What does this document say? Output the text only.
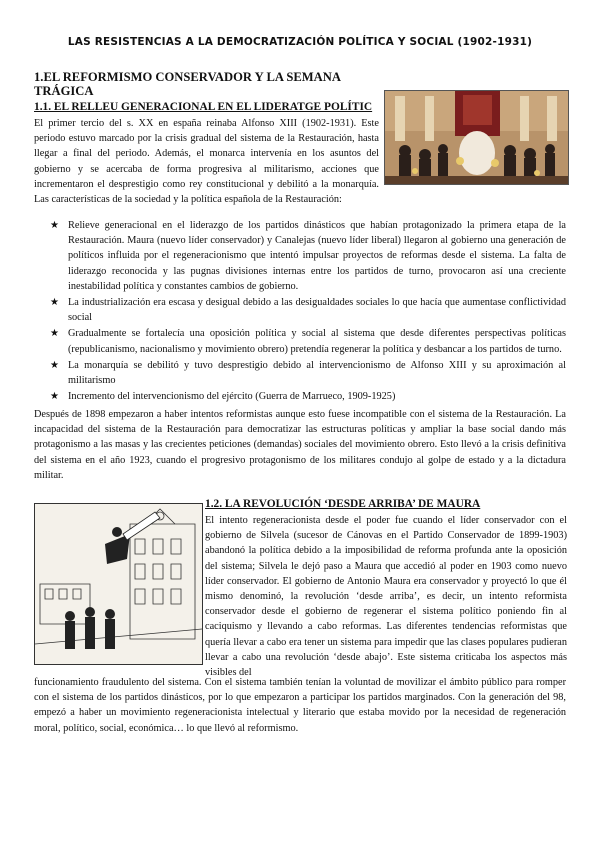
LAS RESISTENCIAS A LA DEMOCRATIZACIÓN POLÍTICA Y SOCIAL (1902-1931)
1.EL REFORMISMO CONSERVADOR Y LA SEMANA TRÁGICA
1.1. EL RELLEU GENERACIONAL EN EL LIDERATGE POLÍTIC

El primer tercio del s. XX en españa reinaba Alfonso XIII (1902-1931). Este periodo estuvo marcado por la crisis gradual del sistema de la Restauración, hasta llegar a final del periodo. Además, el monarca intervenía en los asuntos del gobierno y se acercaba de forma progresiva al militarismo, acciones que incrementaron el desprestigio como rey constitucional y debilitó a la monarquía. Las características de la sociedad y la política española de la Restauración:

★ Relieve generacional en el liderazgo de los partidos dinásticos que habían protagonizado la primera etapa de la Restauración. Maura (nuevo líder conservador) y Canalejas (nuevo líder liberal) llegaron al gobierno una generación de políticos influida por el regeneracionismo que intentó impulsar proyectos de reformas desde el sistema. La falta de liderazgo reconocida y las pugnas divisiones internas entre los partidos de turno, provocaron así una creciente inestabilidad política y constantes cambios de gobierno.
★ La industrialización era escasa y desigual debido a las desigualdades sociales lo que hacía que aumentase conflictividad social
★ Gradualmente se fortalecía una oposición política y social al sistema que desde diferentes perspectivas políticas (republicanismo, nacionalismo y movimiento obrero) pretendía regenerar la política y desbancar a los partidos de turno.
★ La monarquía se debilitó y tuvo desprestigio debido al intervencionismo de Alfonso XIII y su aproximación al militarismo
★ Incremento del intervencionismo del ejército (Guerra de Marrueco, 1909-1925)

Después de 1898 empezaron a haber intentos reformistas aunque esto fuese incompatible con el sistema de la Restauración. La incapacidad del sistema de la Restauración para democratizar las estructuras políticas y ampliar la base social dando más protagonismo a las masas y las crecientes peticiones (demandas) sociales del movimiento obrero. Esto llevó a la crisis definitiva del sistema en el año 1923, cuando el progresivo protagonismo de los militares condujo al golpe de estado y a la dictadura militar.

1.2. LA REVOLUCIÓN ‘DESDE ARRIBA’ DE MAURA

El intento regeneracionista desde el poder fue cuando el líder conservador con el gobierno de Silvela (sucesor de Cánovas en el Partido Conservador de 1899-1903) abandonó la política debido a la imposibilidad de reforma profunda ante la oposición del sistema; Silvela le dejó paso a Maura que accedió al poder en 1903 como nuevo líder conservador. El gobierno de Antonio Maura era conservador y proyectó lo que él mismo denominó, la revolución ‘desde arriba’, es decir, un intento reformista conservador desde el gobierno de regenerar el sistema político poniendo fin al caciquismo y llevando a cabo reformas. Las diferentes tendencias reformistas que quería llevar a cabo era tener un sistema para impedir que las clases populares pudieran llevar a cabo una revolución ‘desde abajo’. Este sistema criticaba los aspectos más visibles del

funcionamiento fraudulento del sistema. Con el sistema también tenían la voluntad de movilizar el ámbito público para romper con el sistema de los partidos dinásticos, por lo que empezaron a participar los partidos marginados. Con la generación del 98, empezó a haber un movimiento regeneracionista intelectual y literario que estaba movido por la necesidad de regeneración moral, político, social, económica… lo que llevó al reformismo.
